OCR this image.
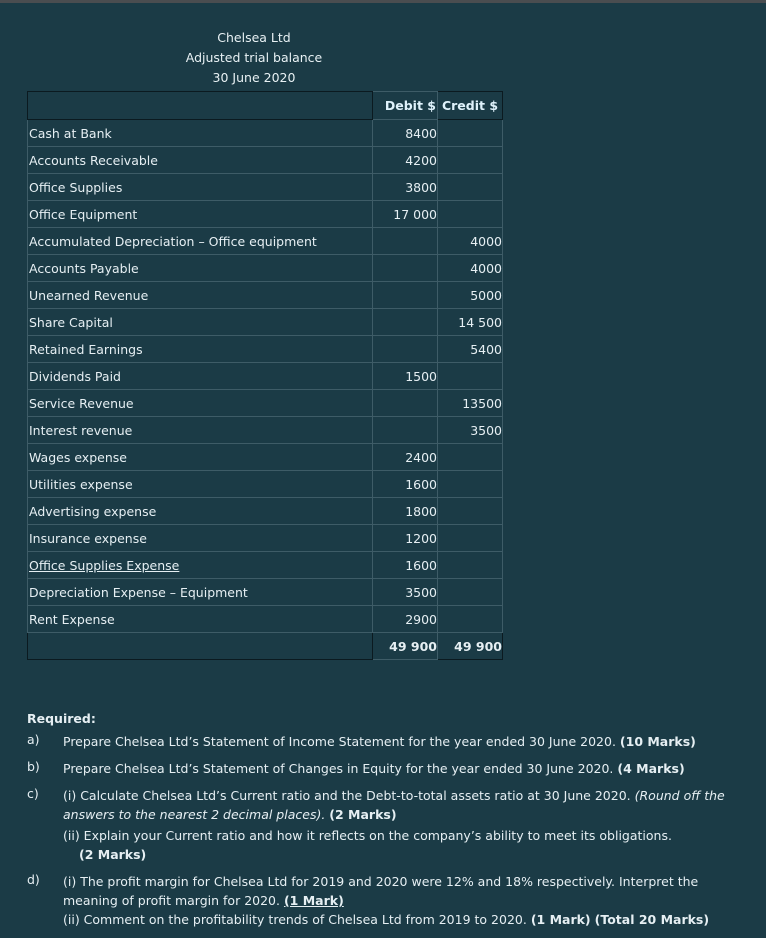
Chelsea Ltd
Adjusted trial balance
30 June 2020
	Debit $	Credit $
Cash at Bank	8400	
Accounts Receivable	4200	
Office Supplies	3800	
Office Equipment	17 000	
Accumulated Depreciation – Office equipment		4000
Accounts Payable		4000
Unearned Revenue		5000
Share Capital		14 500
Retained Earnings		5400
Dividends Paid	1500	
Service Revenue		13500
Interest revenue		3500
Wages expense	2400	
Utilities expense	1600	
Advertising expense	1800	
Insurance expense	1200	
Office Supplies Expense	1600	
Depreciation Expense – Equipment	3500	
Rent Expense	2900	
	49 900	49 900
Required:
a) Prepare Chelsea Ltd’s Statement of Income Statement for the year ended 30 June 2020. (10 Marks)
b) Prepare Chelsea Ltd’s Statement of Changes in Equity for the year ended 30 June 2020. (4 Marks)
c) (i) Calculate Chelsea Ltd’s Current ratio and the Debt-to-total assets ratio at 30 June 2020. (Round off the answers to the nearest 2 decimal places). (2 Marks)
(ii) Explain your Current ratio and how it reflects on the company’s ability to meet its obligations.
(2 Marks)
d) (i) The profit margin for Chelsea Ltd for 2019 and 2020 were 12% and 18% respectively. Interpret the meaning of profit margin for 2020. (1 Mark)
(ii) Comment on the profitability trends of Chelsea Ltd from 2019 to 2020. (1 Mark) (Total 20 Marks)
